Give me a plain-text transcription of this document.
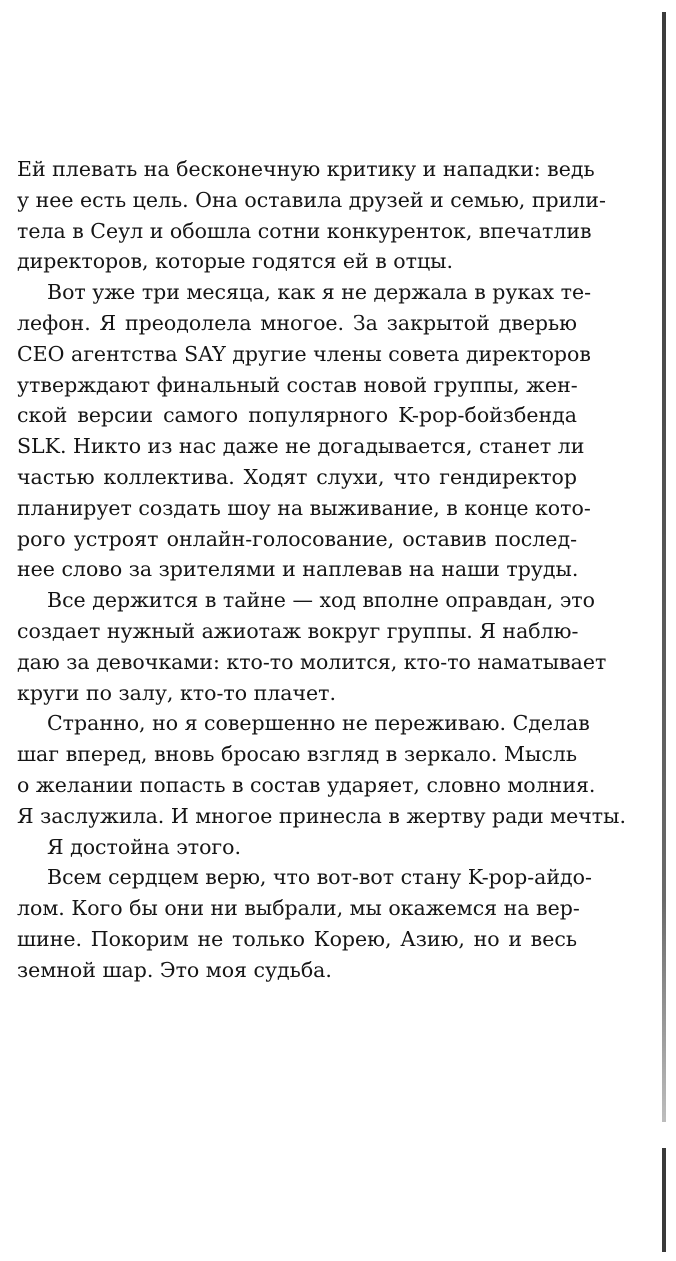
Ей плевать на бесконечную критику и нападки: ведь
у нее есть цель. Она оставила друзей и семью, прили-
тела в Сеул и обошла сотни конкуренток, впечатлив
директоров, которые годятся ей в отцы.
Вот уже три месяца, как я не держала в руках те-
лефон. Я преодолела многое. За закрытой дверью
CEO агентства SAY другие члены совета директоров
утверждают финальный состав новой группы, жен-
ской версии самого популярного K-pop-бойзбенда
SLK. Никто из нас даже не догадывается, станет ли
частью коллектива. Ходят слухи, что гендиректор
планирует создать шоу на выживание, в конце кото-
рого устроят онлайн-голосование, оставив послед-
нее слово за зрителями и наплевав на наши труды.
Все держится в тайне — ход вполне оправдан, это
создает нужный ажиотаж вокруг группы. Я наблю-
даю за девочками: кто-то молится, кто-то наматывает
круги по залу, кто-то плачет.
Странно, но я совершенно не переживаю. Сделав
шаг вперед, вновь бросаю взгляд в зеркало. Мысль
о желании попасть в состав ударяет, словно молния.
Я заслужила. И многое принесла в жертву ради мечты.
Я достойна этого.
Всем сердцем верю, что вот-вот стану K-pop-айдо-
лом. Кого бы они ни выбрали, мы окажемся на вер-
шине. Покорим не только Корею, Азию, но и весь
земной шар. Это моя судьба.
